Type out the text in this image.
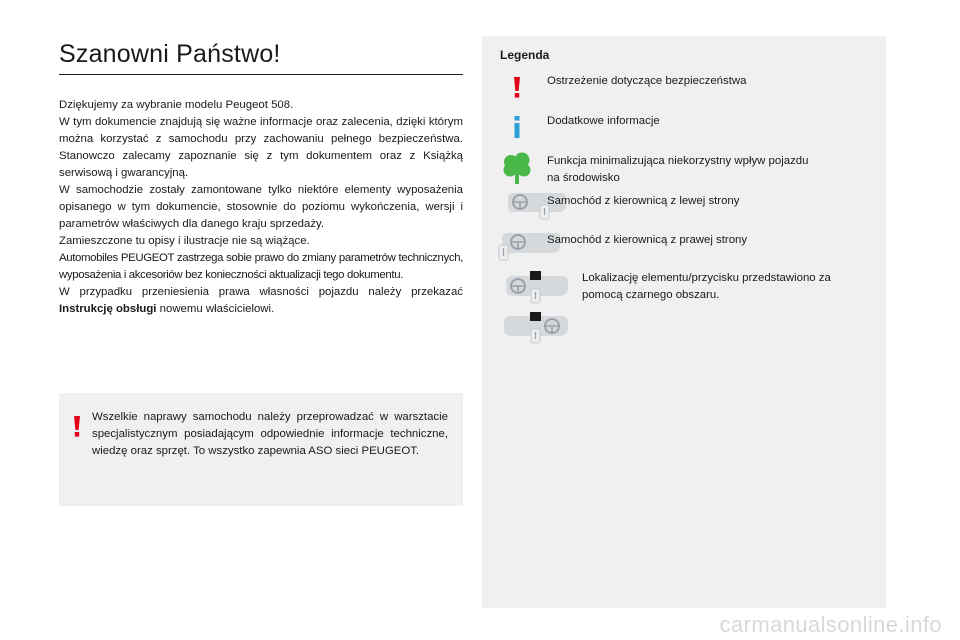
Szanowni Państwo!

Dziękujemy za wybranie modelu Peugeot 508.

W tym dokumencie znajdują się ważne informacje oraz zalecenia, dzięki którym można korzystać z samochodu przy zachowaniu pełnego bezpieczeństwa. Stanowczo zalecamy zapoznanie się z tym dokumentem oraz z Książką serwisową i gwarancyjną.

W samochodzie zostały zamontowane tylko niektóre elementy wyposażenia opisanego w tym dokumencie, stosownie do poziomu wykończenia, wersji i parametrów właściwych dla danego kraju sprzedaży.

Zamieszczone tu opisy i ilustracje nie są wiążące.

Automobiles PEUGEOT zastrzega sobie prawo do zmiany parametrów technicznych, wyposażenia i akcesoriów bez konieczności aktualizacji tego dokumentu.

W przypadku przeniesienia prawa własności pojazdu należy przekazać Instrukcję obsługi nowemu właścicielowi.

Wszelkie naprawy samochodu należy przeprowadzać w warsztacie specjalistycznym posiadającym odpowiednie informacje techniczne, wiedzę oraz sprzęt. To wszystko zapewnia ASO sieci PEUGEOT.
Legenda
Ostrzeżenie dotyczące bezpieczeństwa
Dodatkowe informacje
Funkcja minimalizująca niekorzystny wpływ pojazdu
na środowisko
Samochód z kierownicą z lewej strony
Samochód z kierownicą z prawej strony
Lokalizację elementu/przycisku przedstawiono za
pomocą czarnego obszaru.
carmanualsonline.info
